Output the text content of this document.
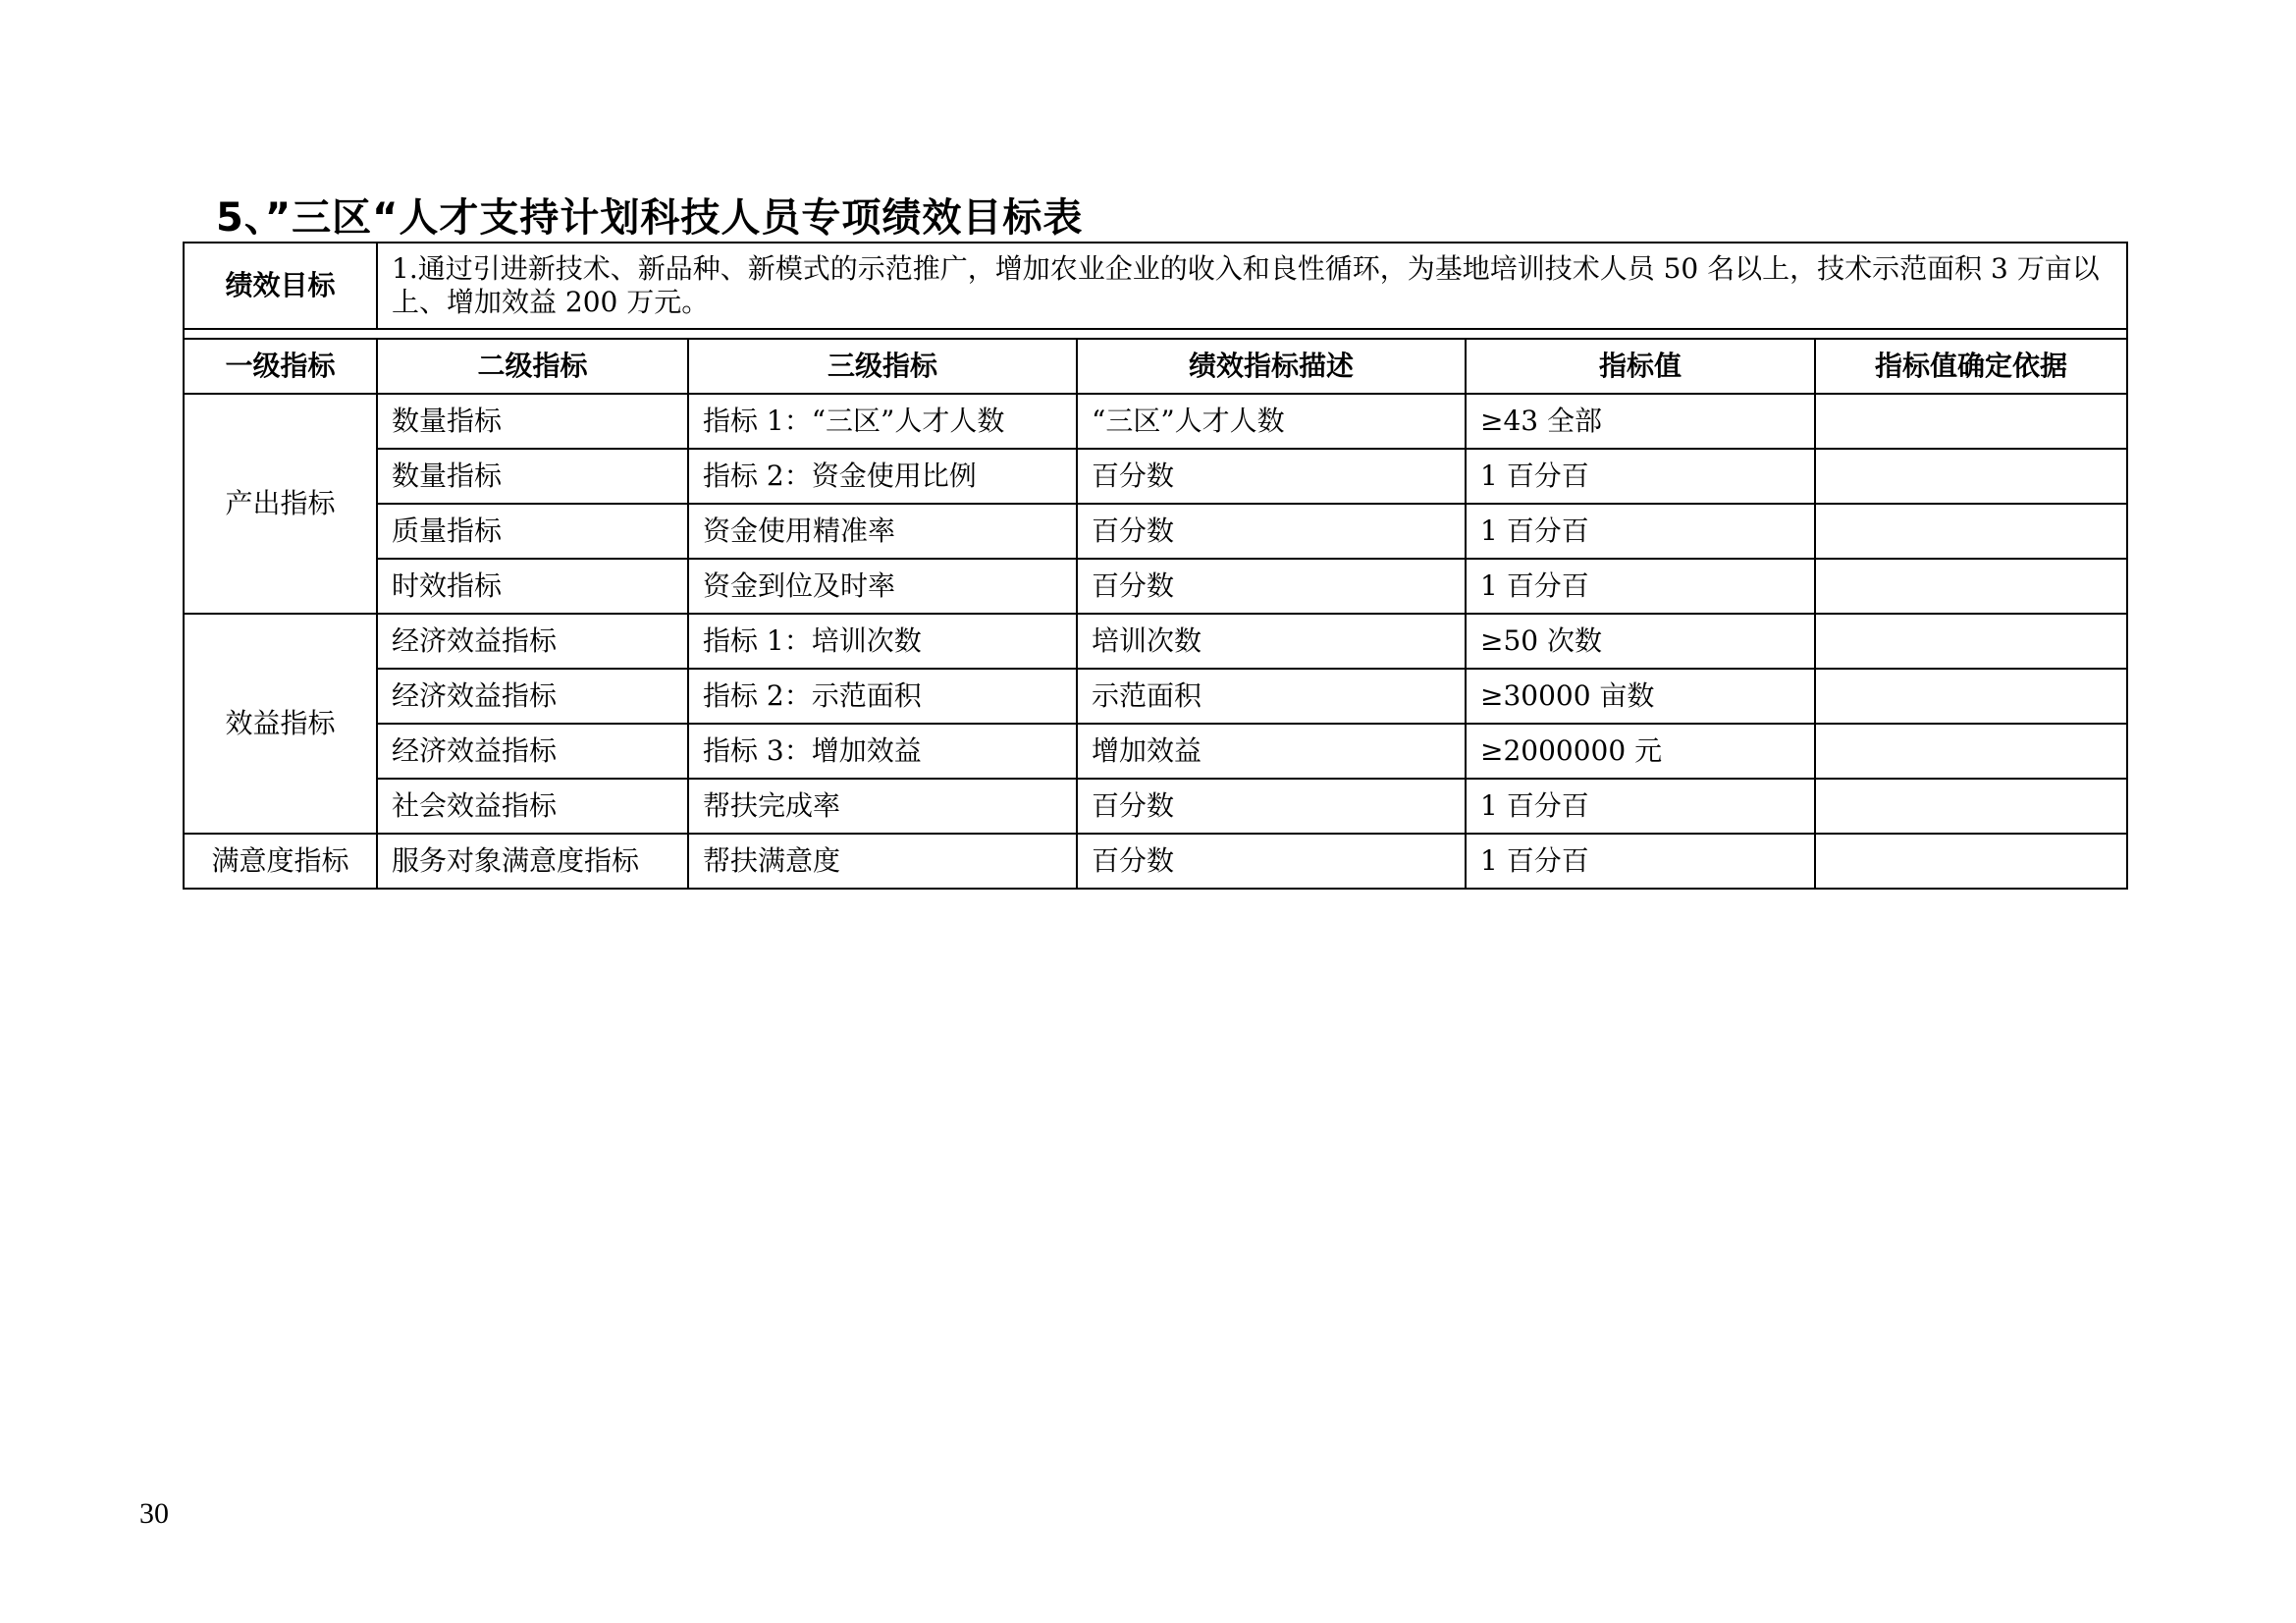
5、”三区“人才支持计划科技人员专项绩效目标表
绩效目标	1.通过引进新技术、新品种、新模式的示范推广，增加农业企业的收入和良性循环，为基地培训技术人员 50 名以上，技术示范面积 3 万亩以上、增加效益 200 万元。				

一级指标	二级指标	三级指标	绩效指标描述	指标值	指标值确定依据
产出指标	数量指标	指标 1：“三区”人才人数	“三区”人才人数	≥43 全部	
	数量指标	指标 2：资金使用比例	百分数	1 百分百	
	质量指标	资金使用精准率	百分数	1 百分百	
	时效指标	资金到位及时率	百分数	1 百分百	
效益指标	经济效益指标	指标 1：培训次数	培训次数	≥50 次数	
	经济效益指标	指标 2：示范面积	示范面积	≥30000 亩数	
	经济效益指标	指标 3：增加效益	增加效益	≥2000000 元	
	社会效益指标	帮扶完成率	百分数	1 百分百	
满意度指标	服务对象满意度指标	帮扶满意度	百分数	1 百分百	
30
